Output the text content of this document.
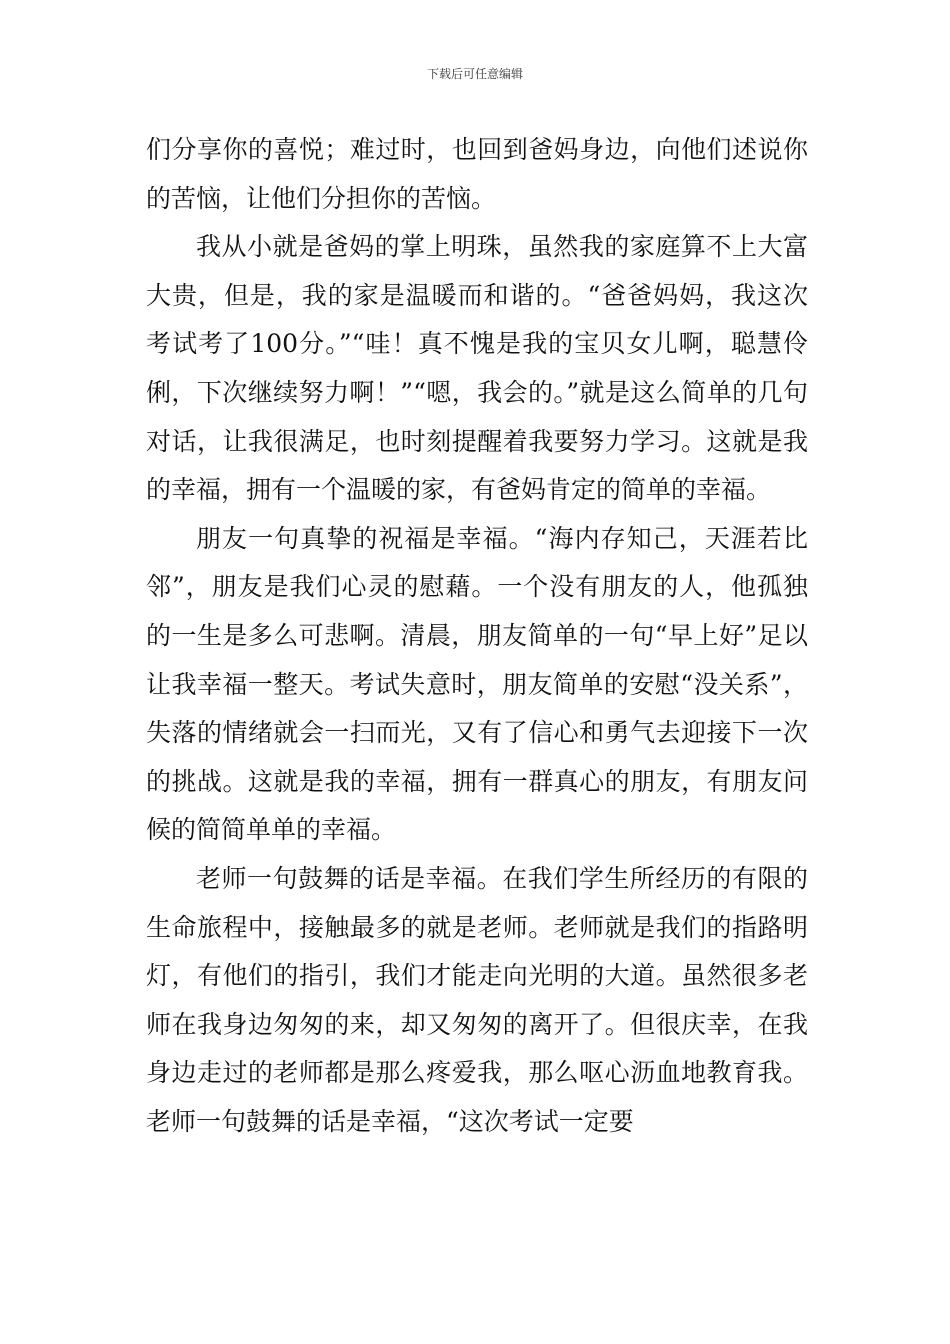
下载后可任意编辑

们分享你的喜悦；难过时，也回到爸妈身边，向他们述说你的苦恼，让他们分担你的苦恼。

我从小就是爸妈的掌上明珠，虽然我的家庭算不上大富大贵，但是，我的家是温暖而和谐的。“爸爸妈妈，我这次考试考了100分。”“哇！真不愧是我的宝贝女儿啊，聪慧伶俐，下次继续努力啊！”“嗯，我会的。”就是这么简单的几句对话，让我很满足，也时刻提醒着我要努力学习。这就是我的幸福，拥有一个温暖的家，有爸妈肯定的简单的幸福。

朋友一句真挚的祝福是幸福。“海内存知己，天涯若比邻”，朋友是我们心灵的慰藉。一个没有朋友的人，他孤独的一生是多么可悲啊。清晨，朋友简单的一句“早上好”足以让我幸福一整天。考试失意时，朋友简单的安慰“没关系”，失落的情绪就会一扫而光，又有了信心和勇气去迎接下一次的挑战。这就是我的幸福，拥有一群真心的朋友，有朋友问候的简简单单的幸福。

老师一句鼓舞的话是幸福。在我们学生所经历的有限的生命旅程中，接触最多的就是老师。老师就是我们的指路明灯，有他们的指引，我们才能走向光明的大道。虽然很多老师在我身边匆匆的来，却又匆匆的离开了。但很庆幸，在我身边走过的老师都是那么疼爱我，那么呕心沥血地教育我。老师一句鼓舞的话是幸福，“这次考试一定要
